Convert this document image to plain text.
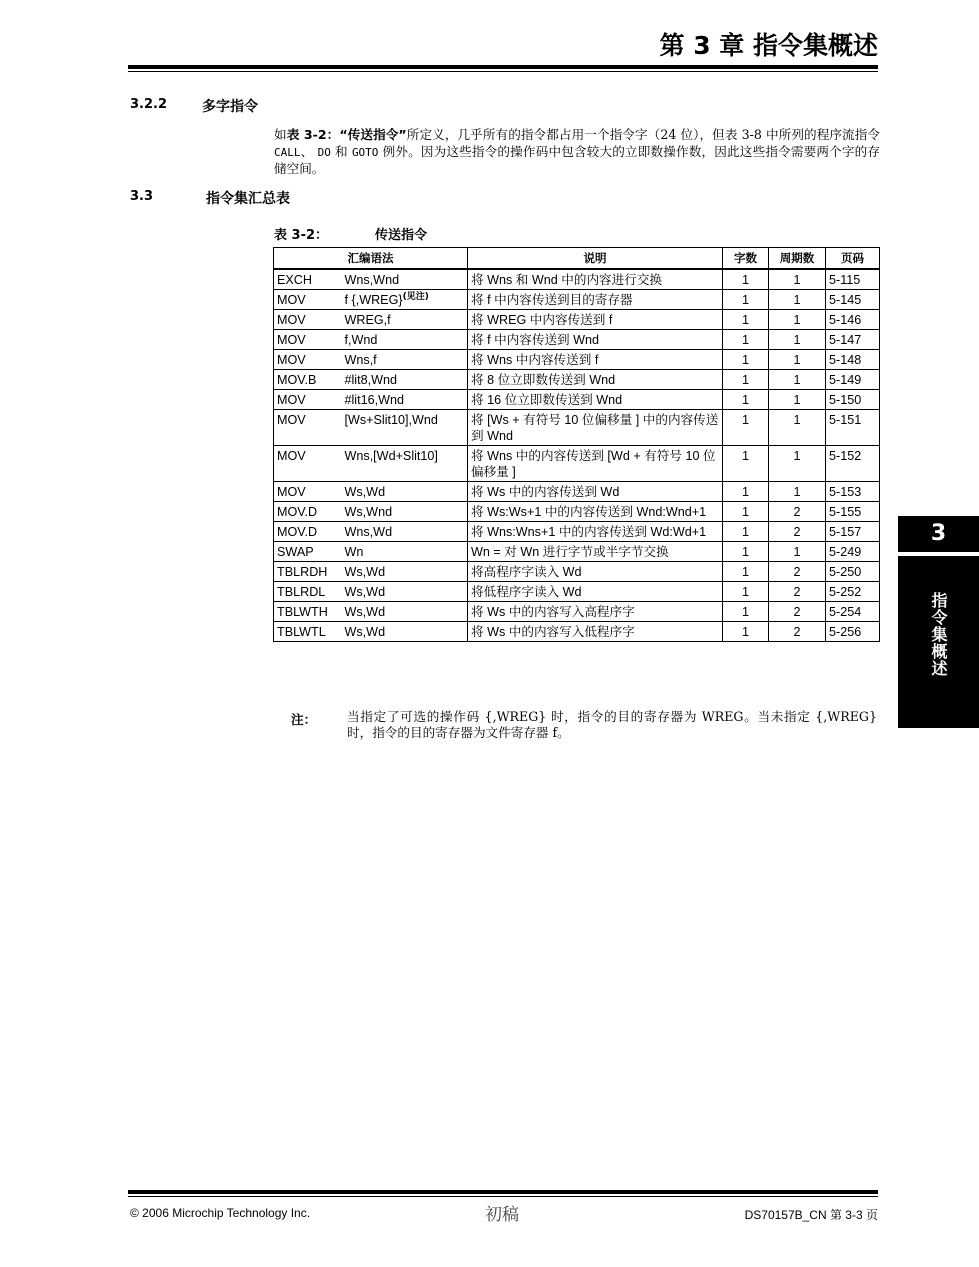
第 3 章 指令集概述
3.2.2 多字指令
如表 3-2：“传送指令”所定义，几乎所有的指令都占用一个指令字（24 位），但表 3-8 中所列的程序流指令 CALL、 DO 和 GOTO 例外。因为这些指令的操作码中包含较大的立即数操作数，因此这些指令需要两个字的存储空间。
3.3	指令集汇总表
表 3-2：	传送指令
汇编语法		说明	字数	周期数	页码
EXCH	Wns,Wnd	将 Wns 和 Wnd 中的内容进行交换	1	1	5-115
MOV	f {,WREG}$^{(见注)}$	将 f 中内容传送到目的寄存器	1	1	5-145
MOV	WREG,f	将 WREG 中内容传送到 f	1	1	5-146
MOV	f,Wnd	将 f 中内容传送到 Wnd	1	1	5-147
MOV	Wns,f	将 Wns 中内容传送到 f	1	1	5-148
MOV.B	#lit8,Wnd	将 8 位立即数传送到 Wnd	1	1	5-149
MOV	#lit16,Wnd	将 16 位立即数传送到 Wnd	1	1	5-150
MOV	[Ws+Slit10],Wnd	将 [Ws + 有符号 10 位偏移量 ] 中的内容传送到 Wnd	1	1	5-151
MOV	Wns,[Wd+Slit10]	将 Wns 中的内容传送到 [Wd + 有符号 10 位偏移量 ]	1	1	5-152
MOV	Ws,Wd	将 Ws 中的内容传送到 Wd	1	1	5-153
MOV.D	Ws,Wnd	将 Ws:Ws+1 中的内容传送到 Wnd:Wnd+1	1	2	5-155
MOV.D	Wns,Wd	将 Wns:Wns+1 中的内容传送到 Wd:Wd+1	1	2	5-157
SWAP	Wn	Wn = 对 Wn 进行字节或半字节交换	1	1	5-249
TBLRDH	Ws,Wd	将高程序字读入 Wd	1	2	5-250
TBLRDL	Ws,Wd	将低程序字读入 Wd	1	2	5-252
TBLWTH	Ws,Wd	将 Ws 中的内容写入高程序字	1	2	5-254
TBLWTL	Ws,Wd	将 Ws 中的内容写入低程序字	1	2	5-256
注： 当指定了可选的操作码 {,WREG} 时，指令的目的寄存器为 WREG。当未指定 {,WREG} 时，指令的目的寄存器为文件寄存器 f。
3
指令集概述
© 2006 Microchip Technology Inc.	初稿	DS70157B_CN 第 3-3 页
